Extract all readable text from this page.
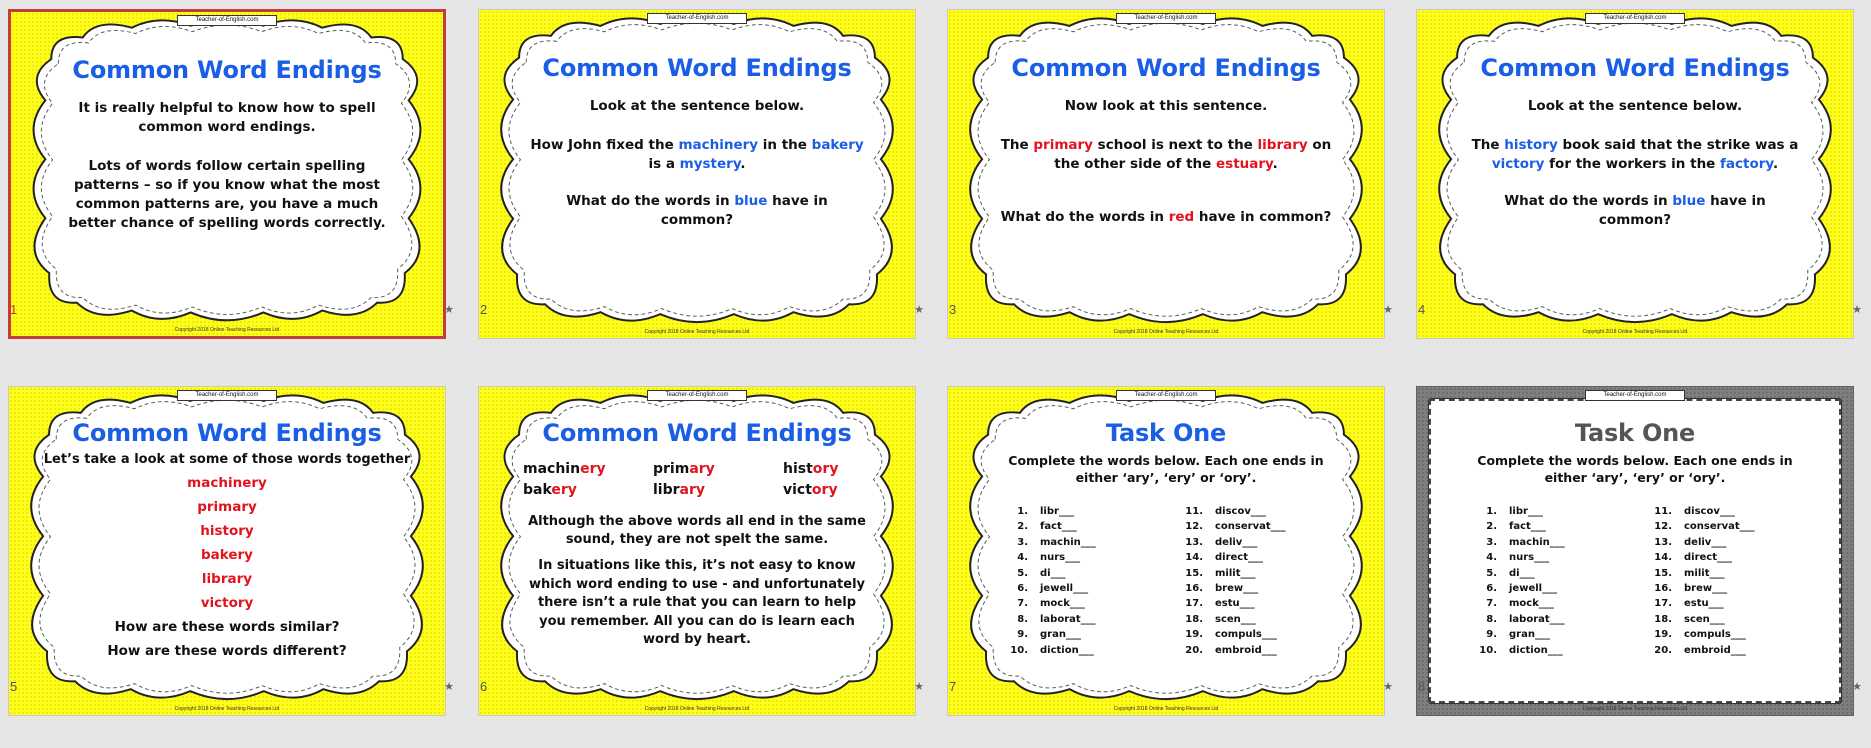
Teacher-of-English.com
Common Word Endings
It is really helpful to know how to spell common word endings.
Lots of words follow certain spelling patterns – so if you know what the most common patterns are, you have a much better chance of spelling words correctly.
Copyright 2018 Online Teaching Resources Ltd
1	★
Teacher-of-English.com
Common Word Endings
Look at the sentence below.
How John fixed the machinery in the bakery is a mystery.
What do the words in blue have in common?
Copyright 2018 Online Teaching Resources Ltd
2	★
Teacher-of-English.com
Common Word Endings
Now look at this sentence.
The primary school is next to the library on the other side of the estuary.
What do the words in red have in common?
Copyright 2018 Online Teaching Resources Ltd
3	★
Teacher-of-English.com
Common Word Endings
Look at the sentence below.
The history book said that the strike was a victory for the workers in the factory.
What do the words in blue have in common?
Copyright 2018 Online Teaching Resources Ltd
4	★
Teacher-of-English.com
Common Word Endings
Let’s take a look at some of those words together
machinery
primary
history
bakery
library
victory
How are these words similar?
How are these words different?
Copyright 2018 Online Teaching Resources Ltd
5	★
Teacher-of-English.com
Common Word Endings
machinery	primary	history
bakery	library	victory
Although the above words all end in the same sound, they are not spelt the same.
In situations like this, it’s not easy to know which word ending to use - and unfortunately there isn’t a rule that you can learn to help you remember. All you can do is learn each word by heart.
Copyright 2018 Online Teaching Resources Ltd
6	★
Teacher-of-English.com
Task One
Complete the words below. Each one ends in either ‘ary’, ‘ery’ or ‘ory’.
1. libr___
2. fact___
3. machin___
4. nurs___
5. di___
6. jewell___
7. mock___
8. laborat___
9. gran___
10. diction___
11. discov___
12. conservat___
13. deliv___
14. direct___
15. milit___
16. brew___
17. estu___
18. scen___
19. compuls___
20. embroid___
Copyright 2018 Online Teaching Resources Ltd
7	★
Teacher-of-English.com
Task One
Complete the words below. Each one ends in either ‘ary’, ‘ery’ or ‘ory’.
1. libr___
2. fact___
3. machin___
4. nurs___
5. di___
6. jewell___
7. mock___
8. laborat___
9. gran___
10. diction___
11. discov___
12. conservat___
13. deliv___
14. direct___
15. milit___
16. brew___
17. estu___
18. scen___
19. compuls___
20. embroid___
Copyright 2018 Online Teaching Resources Ltd
8	★
